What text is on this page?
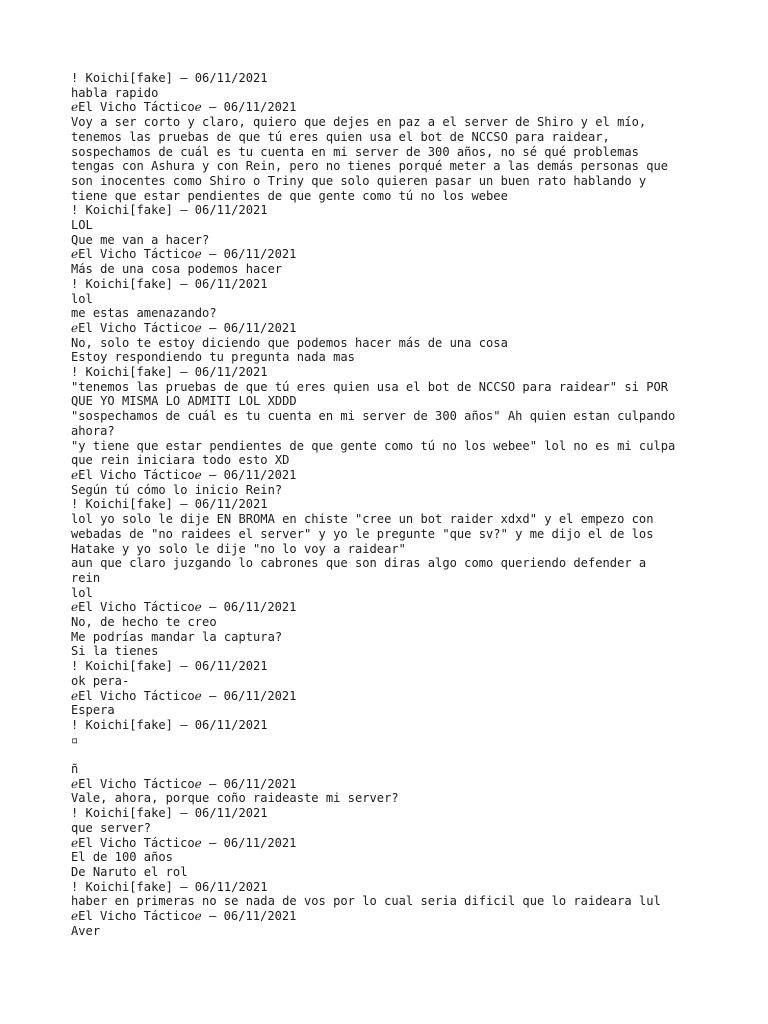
! Koichi[fake] — 06/11/2021
habla rapido
ℯEl Vicho Tácticoℯ — 06/11/2021
Voy a ser corto y claro, quiero que dejes en paz a el server de Shiro y el mío,
tenemos las pruebas de que tú eres quien usa el bot de NCCSO para raidear,
sospechamos de cuál es tu cuenta en mi server de 300 años, no sé qué problemas
tengas con Ashura y con Rein, pero no tienes porqué meter a las demás personas que
son inocentes como Shiro o Triny que solo quieren pasar un buen rato hablando y
tiene que estar pendientes de que gente como tú no los webee
! Koichi[fake] — 06/11/2021
LOL
Que me van a hacer?
ℯEl Vicho Tácticoℯ — 06/11/2021
Más de una cosa podemos hacer
! Koichi[fake] — 06/11/2021
lol
me estas amenazando?
ℯEl Vicho Tácticoℯ — 06/11/2021
No, solo te estoy diciendo que podemos hacer más de una cosa
Estoy respondiendo tu pregunta nada mas
! Koichi[fake] — 06/11/2021
"tenemos las pruebas de que tú eres quien usa el bot de NCCSO para raidear" si POR
QUE YO MISMA LO ADMITI LOL XDDD
"sospechamos de cuál es tu cuenta en mi server de 300 años" Ah quien estan culpando
ahora?
"y tiene que estar pendientes de que gente como tú no los webee" lol no es mi culpa
que rein iniciara todo esto XD
ℯEl Vicho Tácticoℯ — 06/11/2021
Según tú cómo lo inicio Rein?
! Koichi[fake] — 06/11/2021
lol yo solo le dije EN BROMA en chiste "cree un bot raider xdxd" y el empezo con
webadas de "no raidees el server" y yo le pregunte "que sv?" y me dijo el de los
Hatake y yo solo le dije "no lo voy a raidear"
aun que claro juzgando lo cabrones que son diras algo como queriendo defender a
rein
lol
ℯEl Vicho Tácticoℯ — 06/11/2021
No, de hecho te creo
Me podrías mandar la captura?
Si la tienes
! Koichi[fake] — 06/11/2021
ok pera-
ℯEl Vicho Tácticoℯ — 06/11/2021
Espera
! Koichi[fake] — 06/11/2021
▫
ñ
ℯEl Vicho Tácticoℯ — 06/11/2021
Vale, ahora, porque coño raideaste mi server?
! Koichi[fake] — 06/11/2021
que server?
ℯEl Vicho Tácticoℯ — 06/11/2021
El de 100 años
De Naruto el rol
! Koichi[fake] — 06/11/2021
haber en primeras no se nada de vos por lo cual seria dificil que lo raideara lul
ℯEl Vicho Tácticoℯ — 06/11/2021
Aver
